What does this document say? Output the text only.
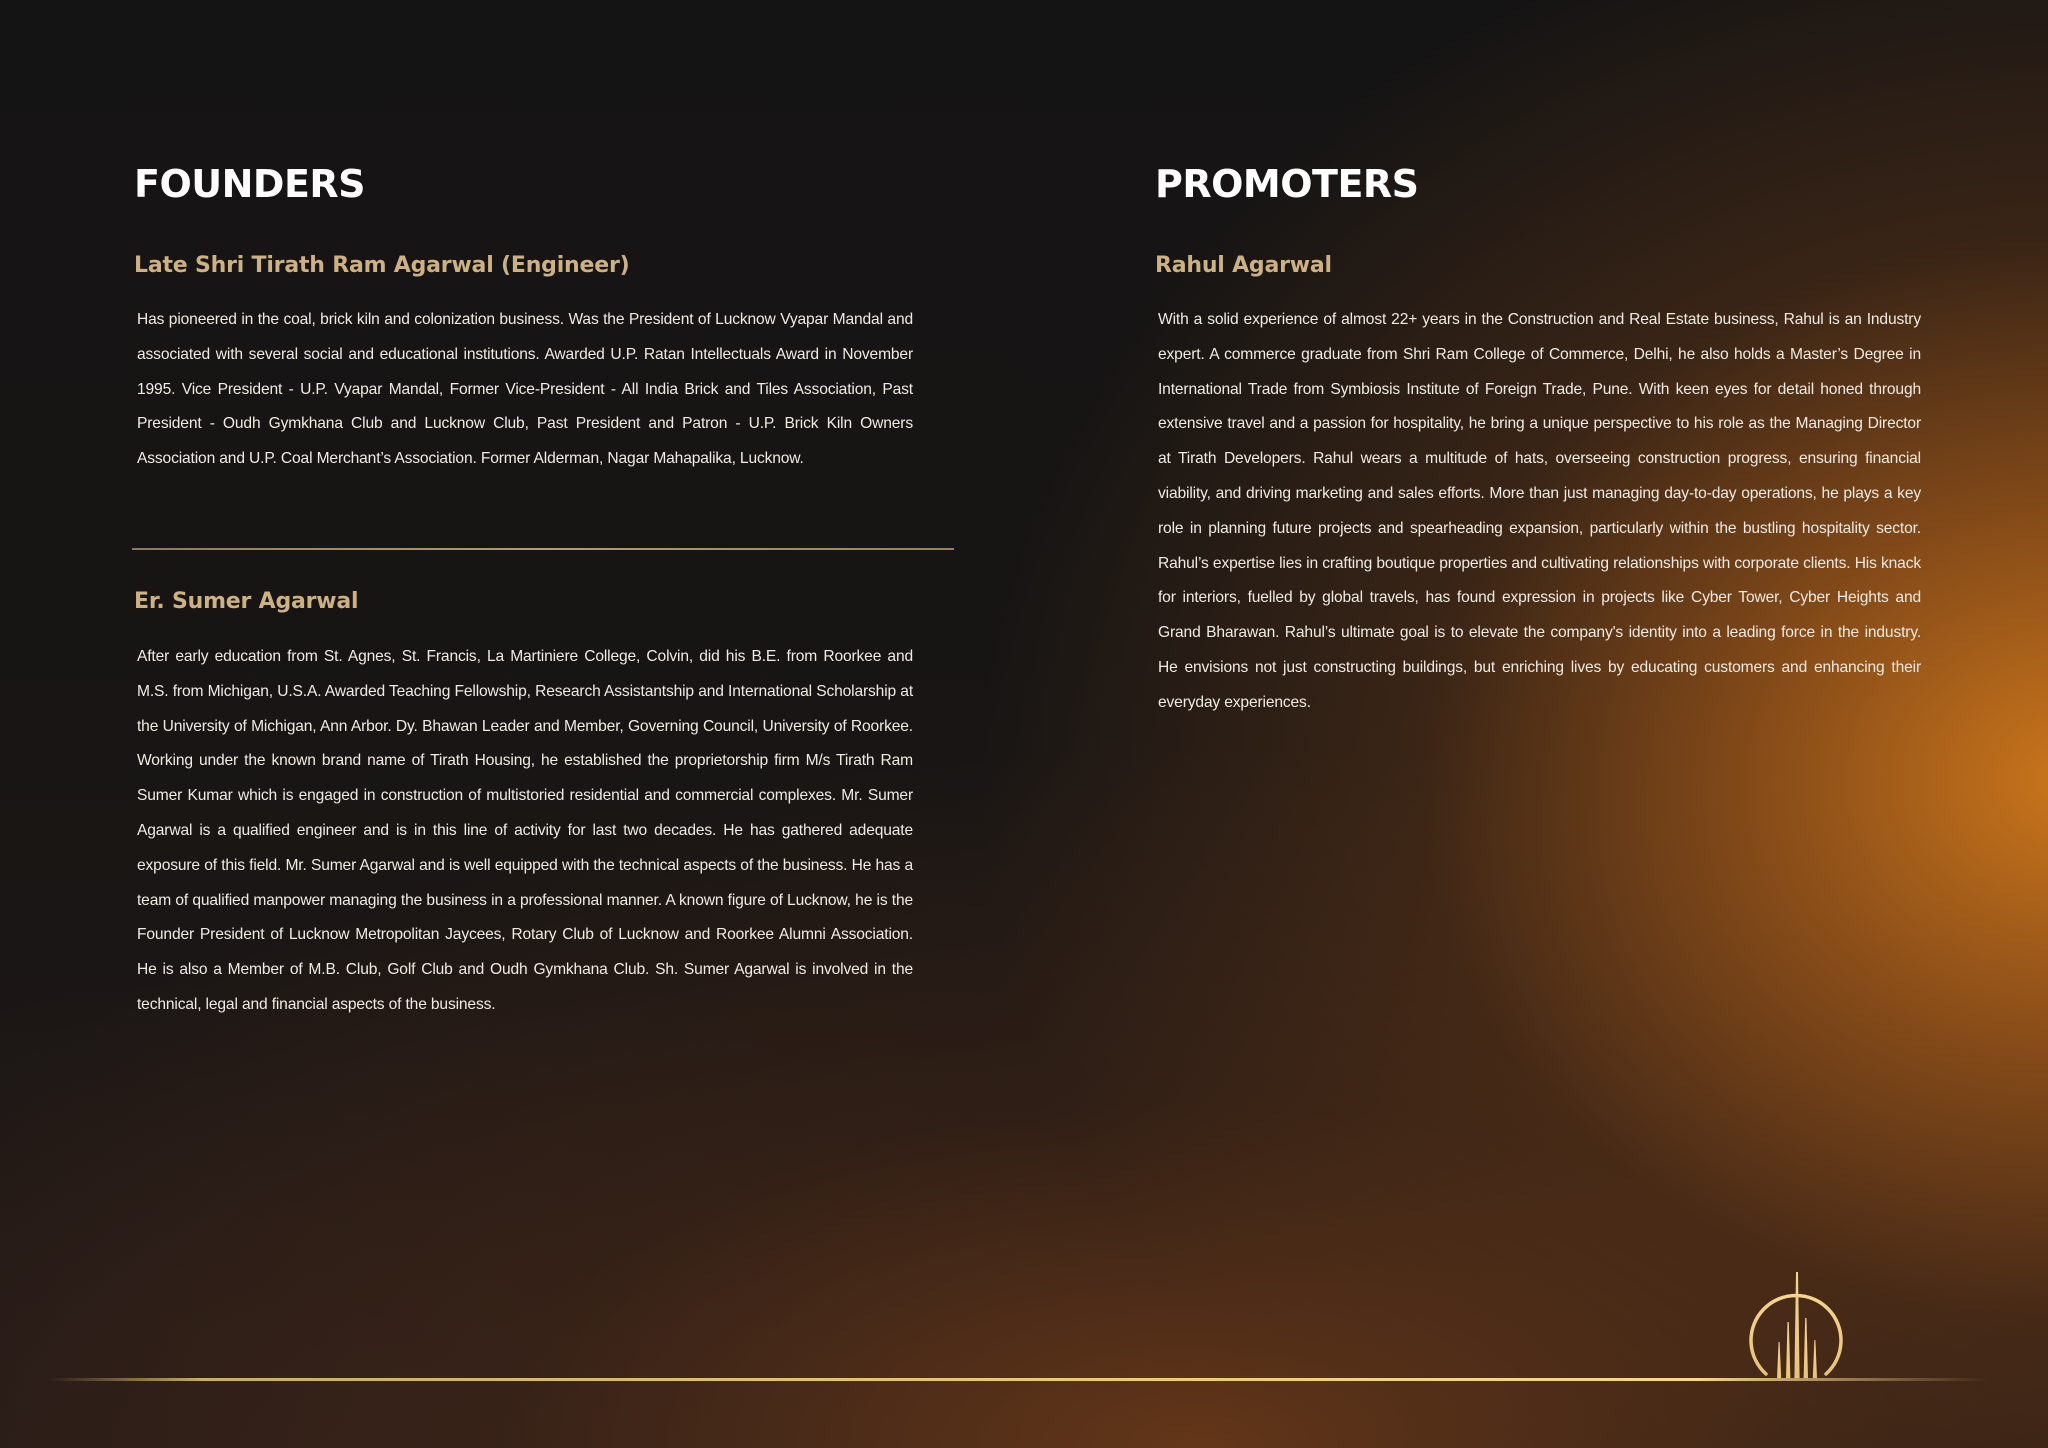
FOUNDERS
Late Shri Tirath Ram Agarwal (Engineer)

Has pioneered in the coal, brick kiln and colonization business. Was the President of Lucknow Vyapar Mandal and associated with several social and educational institutions. Awarded U.P. Ratan Intellectuals Award in November 1995. Vice President - U.P. Vyapar Mandal, Former Vice-President - All India Brick and Tiles Association, Past President - Oudh Gymkhana Club and Lucknow Club, Past President and Patron - U.P. Brick Kiln Owners Association and U.P. Coal Merchant’s Association. Former Alderman, Nagar Mahapalika, Lucknow.

Er. Sumer Agarwal

After early education from St. Agnes, St. Francis, La Martiniere College, Colvin, did his B.E. from Roorkee and M.S. from Michigan, U.S.A. Awarded Teaching Fellowship, Research Assistantship and International Scholarship at the University of Michigan, Ann Arbor. Dy. Bhawan Leader and Member, Governing Council, University of Roorkee. Working under the known brand name of Tirath Housing, he established the proprietorship firm M/s Tirath Ram Sumer Kumar which is engaged in construction of multistoried residential and commercial complexes. Mr. Sumer Agarwal is a qualified engineer and is in this line of activity for last two decades. He has gathered adequate exposure of this field. Mr. Sumer Agarwal and is well equipped with the technical aspects of the business. He has a team of qualified manpower managing the business in a professional manner. A known figure of Lucknow, he is the Founder President of Lucknow Metropolitan Jaycees, Rotary Club of Lucknow and Roorkee Alumni Association. He is also a Member of M.B. Club, Golf Club and Oudh Gymkhana Club. Sh. Sumer Agarwal is involved in the technical, legal and financial aspects of the business.

PROMOTERS
Rahul Agarwal

With a solid experience of almost 22+ years in the Construction and Real Estate business, Rahul is an Industry expert. A commerce graduate from Shri Ram College of Commerce, Delhi, he also holds a Master’s Degree in International Trade from Symbiosis Institute of Foreign Trade, Pune. With keen eyes for detail honed through extensive travel and a passion for hospitality, he bring a unique perspective to his role as the Managing Director at Tirath Developers. Rahul wears a multitude of hats, overseeing construction progress, ensuring financial viability, and driving marketing and sales efforts. More than just managing day-to-day operations, he plays a key role in planning future projects and spearheading expansion, particularly within the bustling hospitality sector. Rahul’s expertise lies in crafting boutique properties and cultivating relationships with corporate clients. His knack for interiors, fuelled by global travels, has found expression in projects like Cyber Tower, Cyber Heights and Grand Bharawan. Rahul’s ultimate goal is to elevate the company's identity into a leading force in the industry. He envisions not just constructing buildings, but enriching lives by educating customers and enhancing their everyday experiences.
